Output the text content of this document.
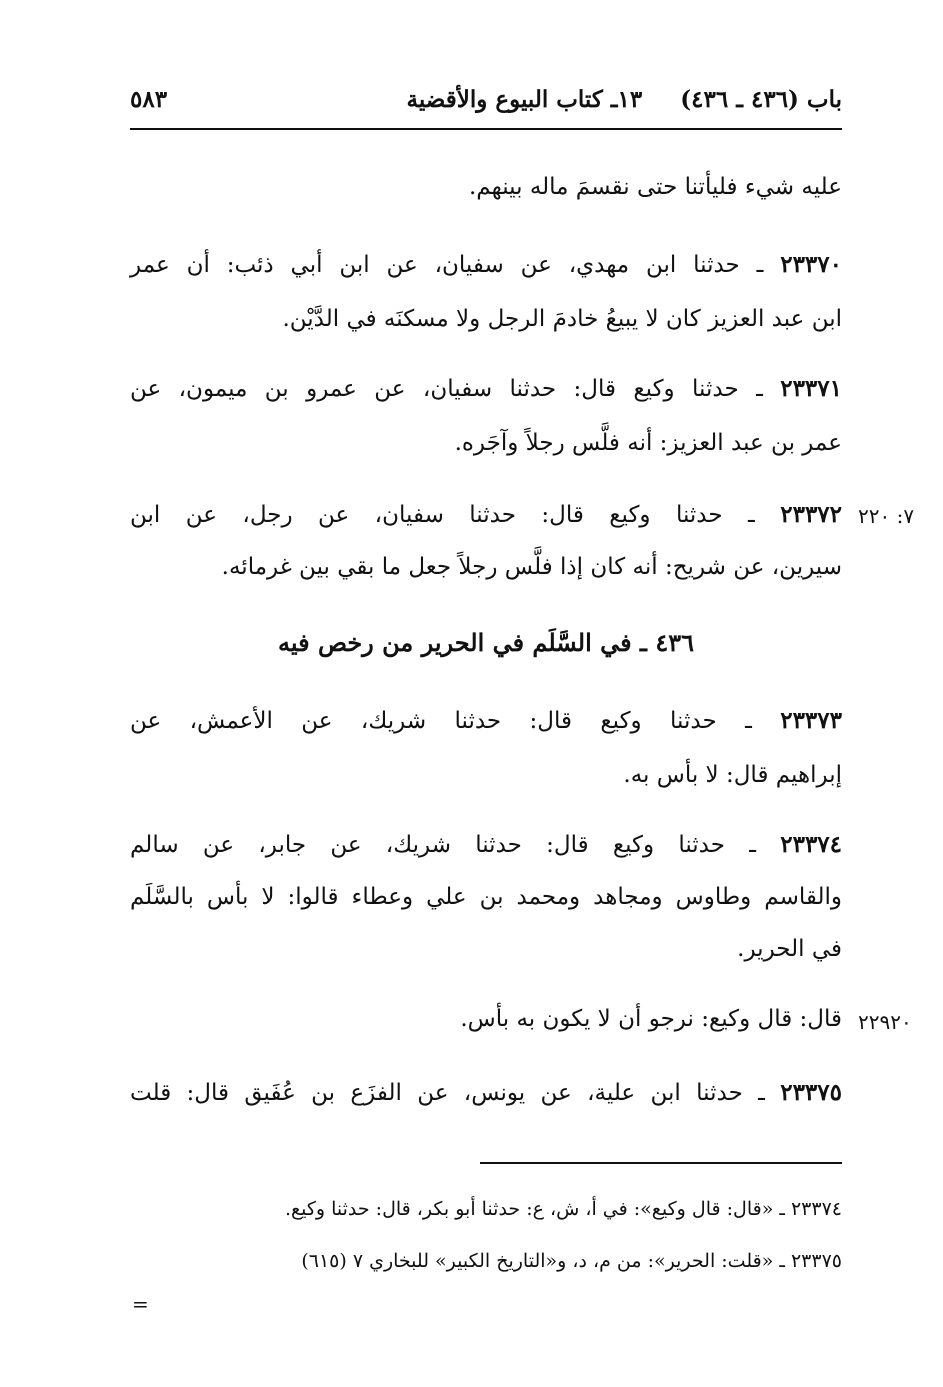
٥٨٣	باب (٤٣٦ ـ ٤٣٦)١٣ـ كتاب البيوع والأقضية
عليه شيء فليأتنا حتى نقسمَ ماله بينهم.
٢٣٣٧٠ ـ حدثنا ابن مهدي، عن سفيان، عن ابن أبي ذئب: أن عمر
ابن عبد العزيز كان لا يبيعُ خادمَ الرجل ولا مسكنَه في الدَّيْن.
٢٣٣٧١ ـ حدثنا وكيع قال: حدثنا سفيان، عن عمرو بن ميمون، عن
عمر بن عبد العزيز: أنه فلَّس رجلاً وآجَره.
٧: ٢٢٠
٢٣٣٧٢ ـ حدثنا وكيع قال: حدثنا سفيان، عن رجل، عن ابن
سيرين، عن شريح: أنه كان إذا فلَّس رجلاً جعل ما بقي بين غرمائه.
٤٣٦ ـ في السَّلَم في الحرير من رخص فيه
٢٣٣٧٣ ـ حدثنا وكيع قال: حدثنا شريك، عن الأعمش، عن
إبراهيم قال: لا بأس به.
٢٣٣٧٤ ـ حدثنا وكيع قال: حدثنا شريك، عن جابر، عن سالم
والقاسم وطاوس ومجاهد ومحمد بن علي وعطاء قالوا: لا بأس بالسَّلَم
في الحرير.
٢٢٩٢٠
قال: قال وكيع: نرجو أن لا يكون به بأس.
٢٣٣٧٥ ـ حدثنا ابن علية، عن يونس، عن الفزَع بن عُفَيق قال: قلت
٢٣٣٧٤ ـ «قال: قال وكيع»: في أ، ش، ع: حدثنا أبو بكر، قال: حدثنا وكيع.
٢٣٣٧٥ ـ «قلت: الحرير»: من م، د، و«التاريخ الكبير» للبخاري ٧ (٦١٥)
=
